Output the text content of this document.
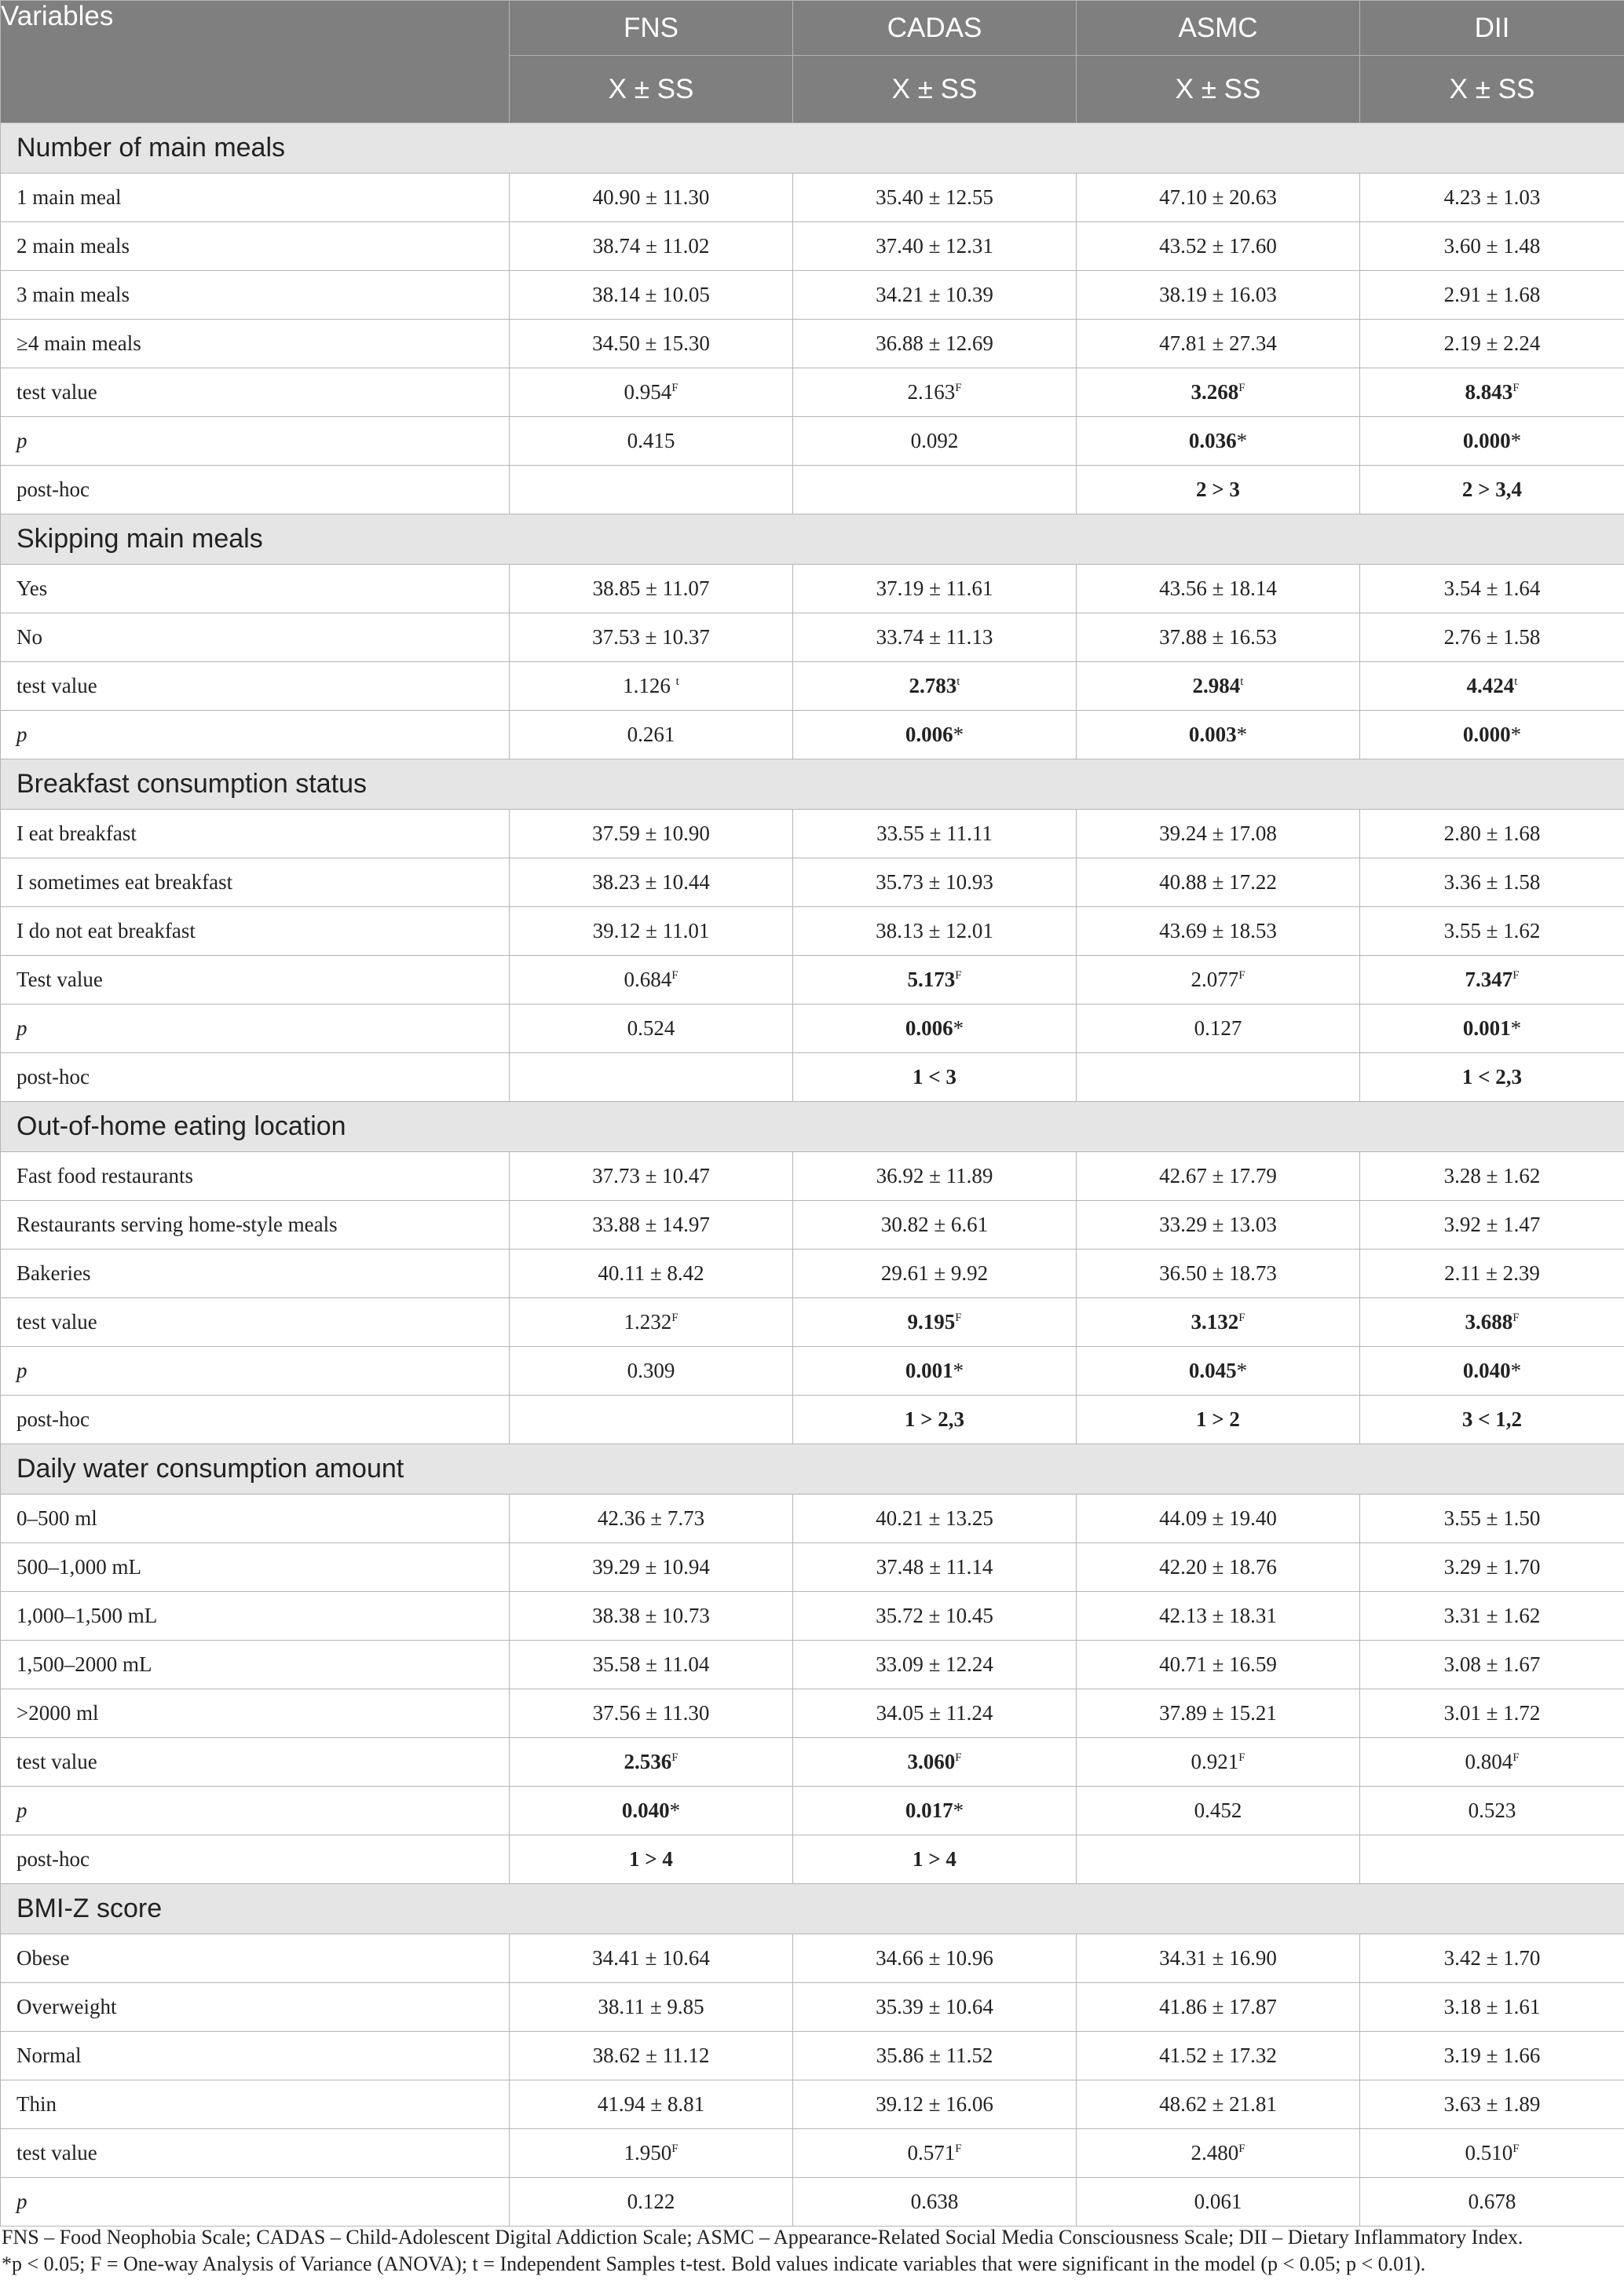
Variables	FNS	CADAS	ASMC	DII
	X ± SS	X ± SS	X ± SS	X ± SS
Number of main meals				
1 main meal	40.90 ± 11.30	35.40 ± 12.55	47.10 ± 20.63	4.23 ± 1.03
2 main meals	38.74 ± 11.02	37.40 ± 12.31	43.52 ± 17.60	3.60 ± 1.48
3 main meals	38.14 ± 10.05	34.21 ± 10.39	38.19 ± 16.03	2.91 ± 1.68
≥4 main meals	34.50 ± 15.30	36.88 ± 12.69	47.81 ± 27.34	2.19 ± 2.24
test value	$0.954^F$	$2.163^F$	$3.268^F$	$8.843^F$
p	0.415	0.092	0.036*	0.000*
post-hoc			2 > 3	2 > 3,4
Skipping main meals				
Yes	38.85 ± 11.07	37.19 ± 11.61	43.56 ± 18.14	3.54 ± 1.64
No	37.53 ± 10.37	33.74 ± 11.13	37.88 ± 16.53	2.76 ± 1.58
test value	1.126 $^t$	2.783$^t$	2.984$^t$	4.424$^t$
p	0.261	0.006*	0.003*	0.000*
Breakfast consumption status				
I eat breakfast	37.59 ± 10.90	33.55 ± 11.11	39.24 ± 17.08	2.80 ± 1.68
I sometimes eat breakfast	38.23 ± 10.44	35.73 ± 10.93	40.88 ± 17.22	3.36 ± 1.58
I do not eat breakfast	39.12 ± 11.01	38.13 ± 12.01	43.69 ± 18.53	3.55 ± 1.62
Test value	$0.684^F$	$5.173^F$	$2.077^F$	$7.347^F$
p	0.524	0.006*	0.127	0.001*
post-hoc		1 < 3		1 < 2,3
Out-of-home eating location				
Fast food restaurants	37.73 ± 10.47	36.92 ± 11.89	42.67 ± 17.79	3.28 ± 1.62
Restaurants serving home-style meals	33.88 ± 14.97	30.82 ± 6.61	33.29 ± 13.03	3.92 ± 1.47
Bakeries	40.11 ± 8.42	29.61 ± 9.92	36.50 ± 18.73	2.11 ± 2.39
test value	$1.232^F$	$9.195^F$	$3.132^F$	$3.688^F$
p	0.309	0.001*	0.045*	0.040*
post-hoc		1 > 2,3	1 > 2	3 < 1,2
Daily water consumption amount				
0–500 ml	42.36 ± 7.73	40.21 ± 13.25	44.09 ± 19.40	3.55 ± 1.50
500–1,000 mL	39.29 ± 10.94	37.48 ± 11.14	42.20 ± 18.76	3.29 ± 1.70
1,000–1,500 mL	38.38 ± 10.73	35.72 ± 10.45	42.13 ± 18.31	3.31 ± 1.62
1,500–2000 mL	35.58 ± 11.04	33.09 ± 12.24	40.71 ± 16.59	3.08 ± 1.67
>2000 ml	37.56 ± 11.30	34.05 ± 11.24	37.89 ± 15.21	3.01 ± 1.72
test value	$2.536^F$	$3.060^F$	$0.921^F$	$0.804^F$
p	0.040*	0.017*	0.452	0.523
post-hoc	1 > 4	1 > 4		
BMI-Z score				
Obese	34.41 ± 10.64	34.66 ± 10.96	34.31 ± 16.90	3.42 ± 1.70
Overweight	38.11 ± 9.85	35.39 ± 10.64	41.86 ± 17.87	3.18 ± 1.61
Normal	38.62 ± 11.12	35.86 ± 11.52	41.52 ± 17.32	3.19 ± 1.66
Thin	41.94 ± 8.81	39.12 ± 16.06	48.62 ± 21.81	3.63 ± 1.89
test value	$1.950^F$	$0.571^F$	$2.480^F$	$0.510^F$
p	0.122	0.638	0.061	0.678
FNS – Food Neophobia Scale; CADAS – Child-Adolescent Digital Addiction Scale; ASMC – Appearance-Related Social Media Consciousness Scale; DII – Dietary Inflammatory Index.
*p < 0.05; F = One-way Analysis of Variance (ANOVA); t = Independent Samples t-test. Bold values indicate variables that were significant in the model (p < 0.05; p < 0.01).
